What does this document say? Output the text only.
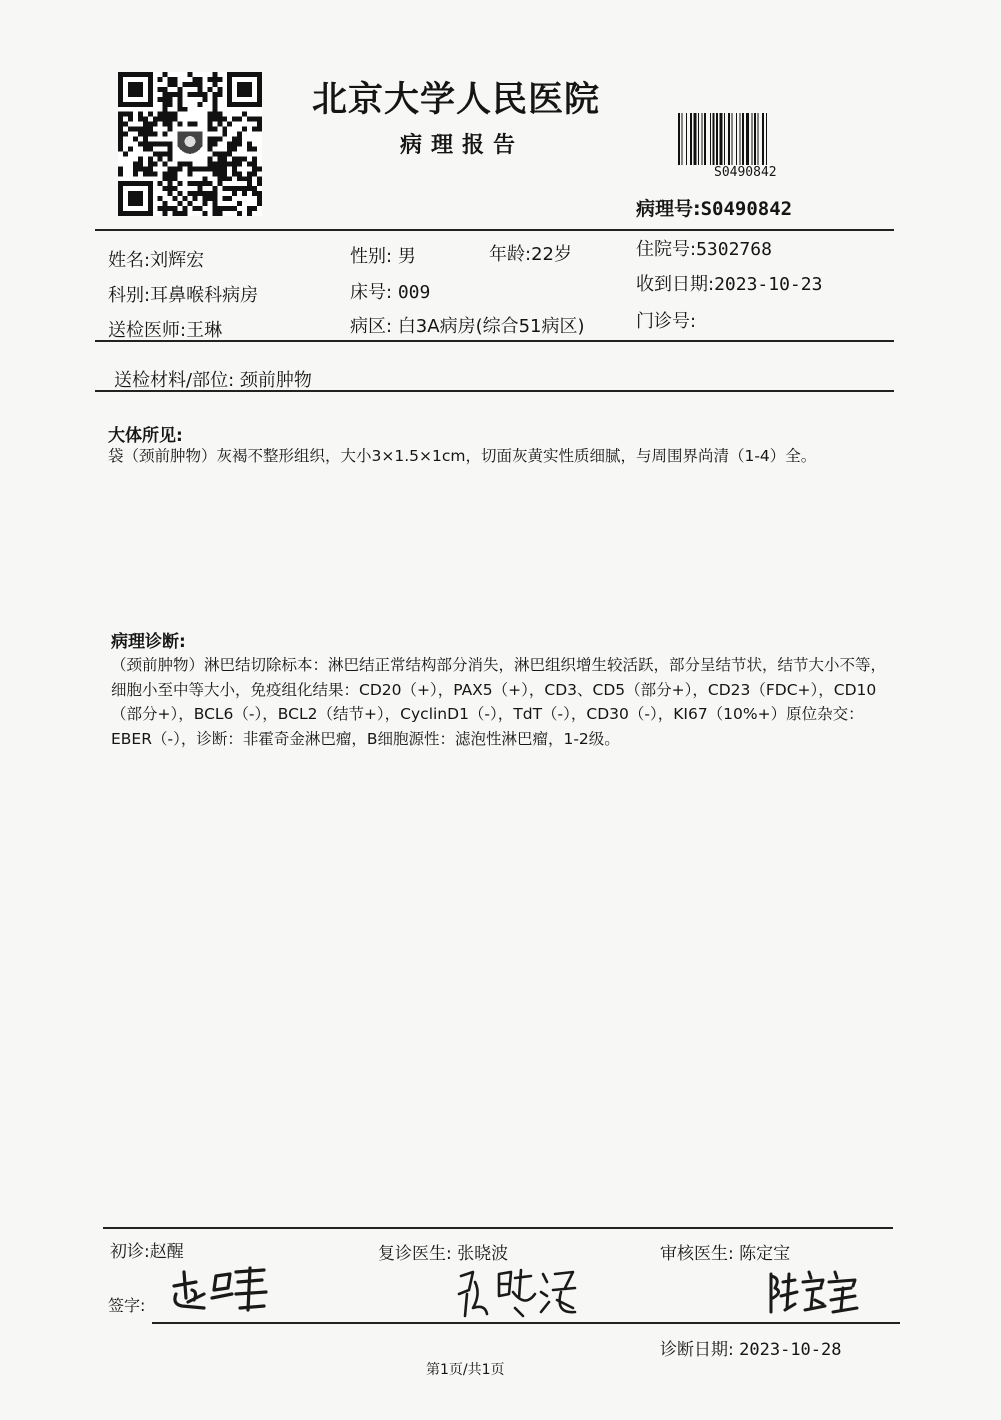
北京大学人民医院
病理报告
S0490842
病理号:S0490842
姓名:刘辉宏	性别: 男	年龄:22岁	住院号:5302768
科别:耳鼻喉科病房	床号: 009	收到日期:2023-10-23
送检医师:王琳	病区: 白3A病房(综合51病区)	门诊号:
送检材料/部位: 颈前肿物
大体所见:
袋（颈前肿物）灰褐不整形组织，大小3×1.5×1cm，切面灰黄实性质细腻，与周围界尚清（1-4）全。
病理诊断:
（颈前肿物）淋巴结切除标本：淋巴结正常结构部分消失，淋巴组织增生较活跃，部分呈结节状，结节大小不等，细胞小至中等大小，免疫组化结果：CD20（+），PAX5（+），CD3、CD5（部分+），CD23（FDC+），CD10（部分+），BCL6（-），BCL2（结节+），CyclinD1（-），TdT（-），CD30（-），KI67（10%+）原位杂交：EBER（-），诊断：非霍奇金淋巴瘤，B细胞源性：滤泡性淋巴瘤，1-2级。
初诊:赵醒	复诊医生: 张晓波	审核医生: 陈定宝
签字:
诊断日期: 2023-10-28
第1页/共1页
